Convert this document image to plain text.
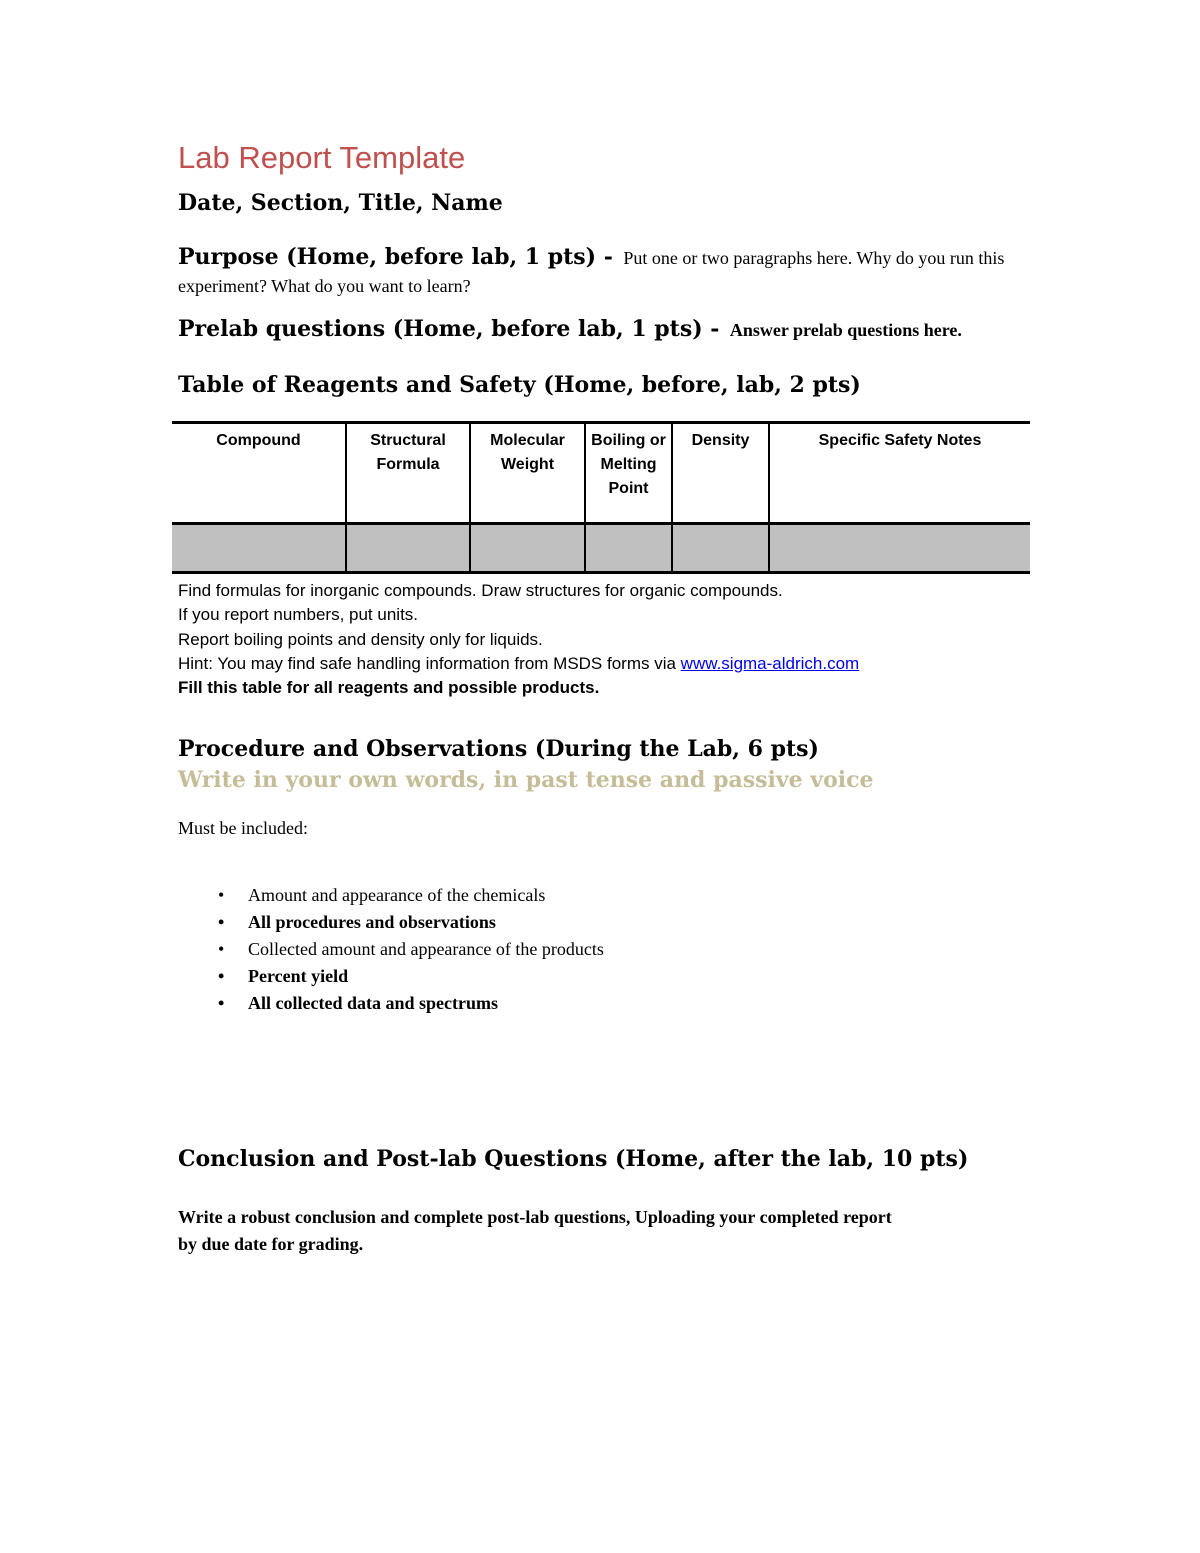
Lab Report Template
Date, Section, Title, Name
Purpose (Home, before lab, 1 pts) - Put one or two paragraphs here. Why do you run this
experiment? What do you want to learn?
Prelab questions (Home, before lab, 1 pts) - Answer prelab questions here.
Table of Reagents and Safety (Home, before, lab, 2 pts)
Compound	Structural Formula	Molecular Weight	Boiling or Melting Point	Density	Specific Safety Notes

Find formulas for inorganic compounds. Draw structures for organic compounds.
If you report numbers, put units.
Report boiling points and density only for liquids.
Hint: You may find safe handling information from MSDS forms via www.sigma-aldrich.com
Fill this table for all reagents and possible products.
Procedure and Observations (During the Lab, 6 pts)
Write in your own words, in past tense and passive voice
Must be included:
• Amount and appearance of the chemicals
• All procedures and observations
• Collected amount and appearance of the products
• Percent yield
• All collected data and spectrums
Conclusion and Post-lab Questions (Home, after the lab, 10 pts)
Write a robust conclusion and complete post-lab questions, Uploading your completed report
by due date for grading.
